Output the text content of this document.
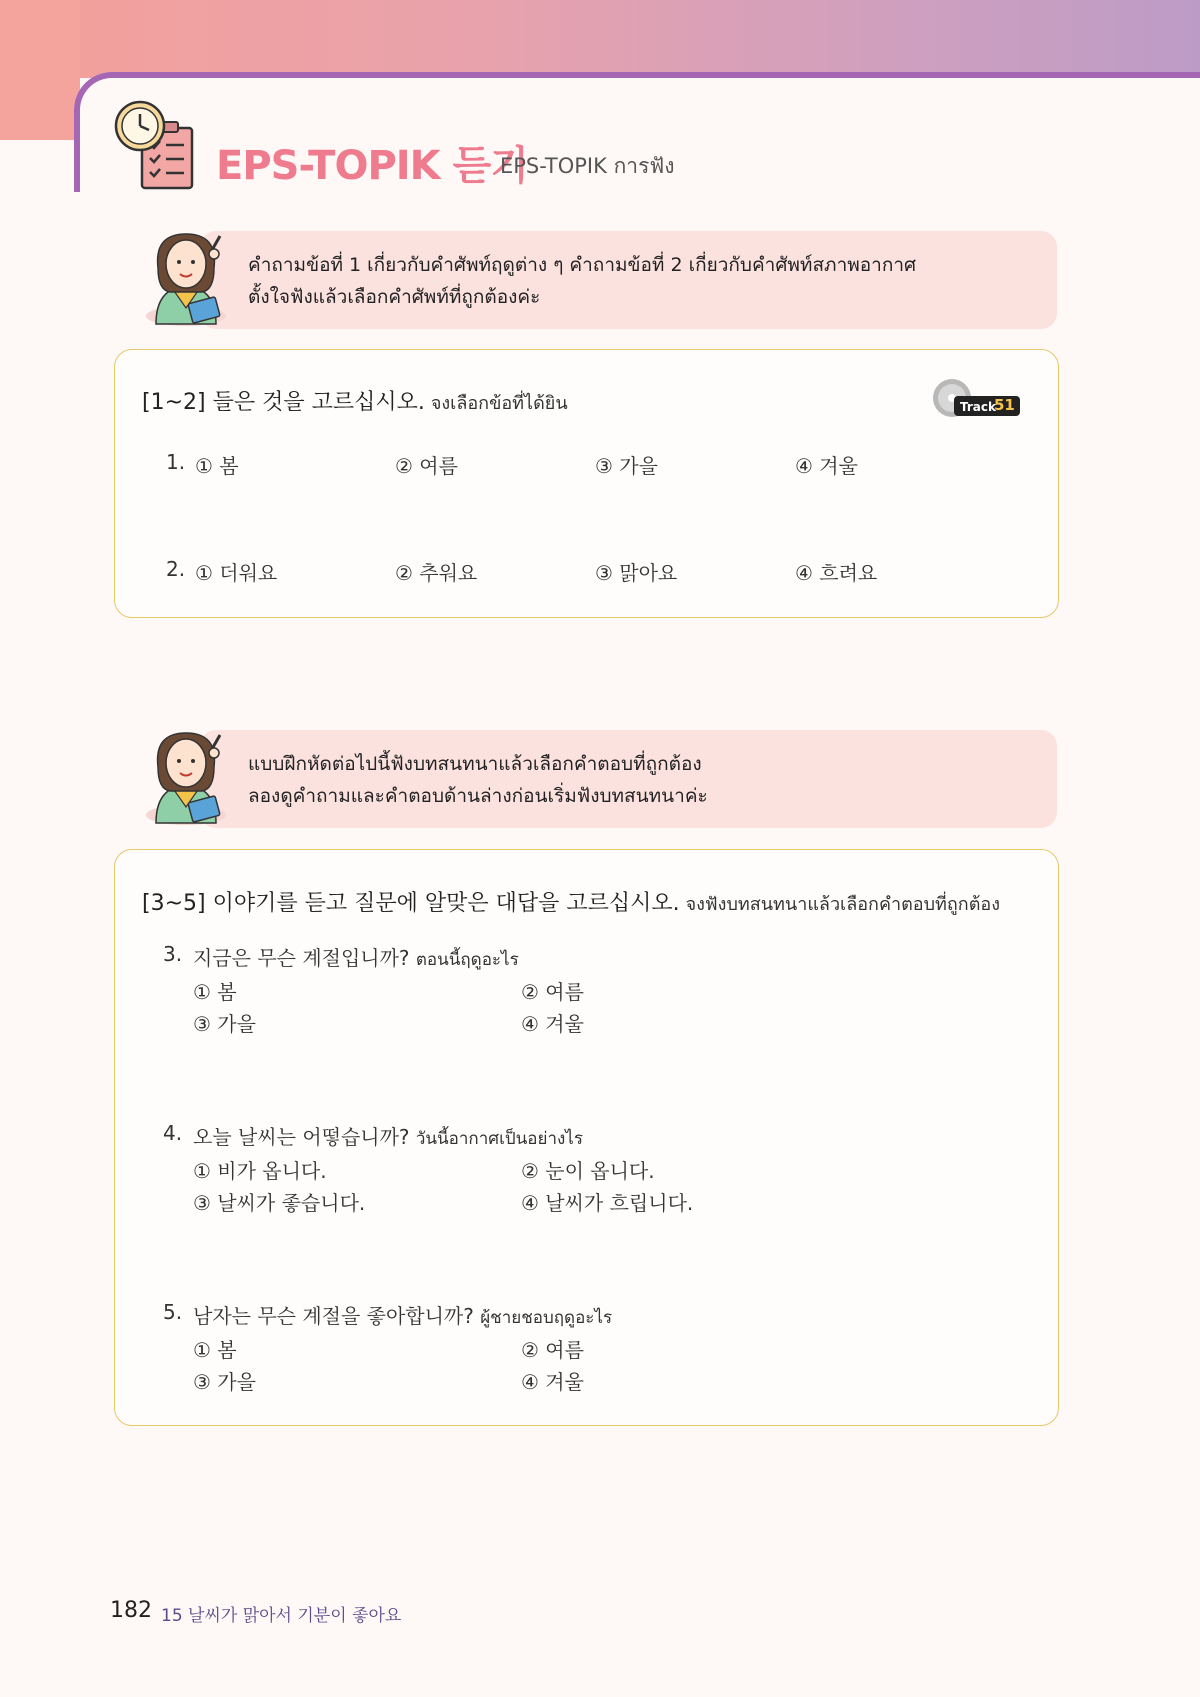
EPS-TOPIK 듣기
EPS-TOPIK การฟัง
คำถามข้อที่ 1 เกี่ยวกับคำศัพท์ฤดูต่าง ๆ คำถามข้อที่ 2 เกี่ยวกับคำศัพท์สภาพอากาศ
ตั้งใจฟังแล้วเลือกคำศัพท์ที่ถูกต้องค่ะ
[1~2] 들은 것을 고르십시오. จงเลือกข้อที่ได้ยิน	Track
51
1. ① 봄	② 여름	③ 가을	④ 겨울
2. ① 더워요	② 추워요	③ 맑아요	④ 흐려요
แบบฝึกหัดต่อไปนี้ฟังบทสนทนาแล้วเลือกคำตอบที่ถูกต้อง
ลองดูคำถามและคำตอบด้านล่างก่อนเริ่มฟังบทสนทนาค่ะ
[3~5] 이야기를 듣고 질문에 알맞은 대답을 고르십시오. จงฟังบทสนทนาแล้วเลือกคำตอบที่ถูกต้อง
3. 지금은 무슨 계절입니까? ตอนนี้ฤดูอะไร
① 봄	② 여름
③ 가을	④ 겨울
4. 오늘 날씨는 어떻습니까? วันนี้อากาศเป็นอย่างไร
① 비가 옵니다.	② 눈이 옵니다.
③ 날씨가 좋습니다.	④ 날씨가 흐립니다.
5. 남자는 무슨 계절을 좋아합니까? ผู้ชายชอบฤดูอะไร
① 봄	② 여름
③ 가을	④ 겨울
182 15 날씨가 맑아서 기분이 좋아요
